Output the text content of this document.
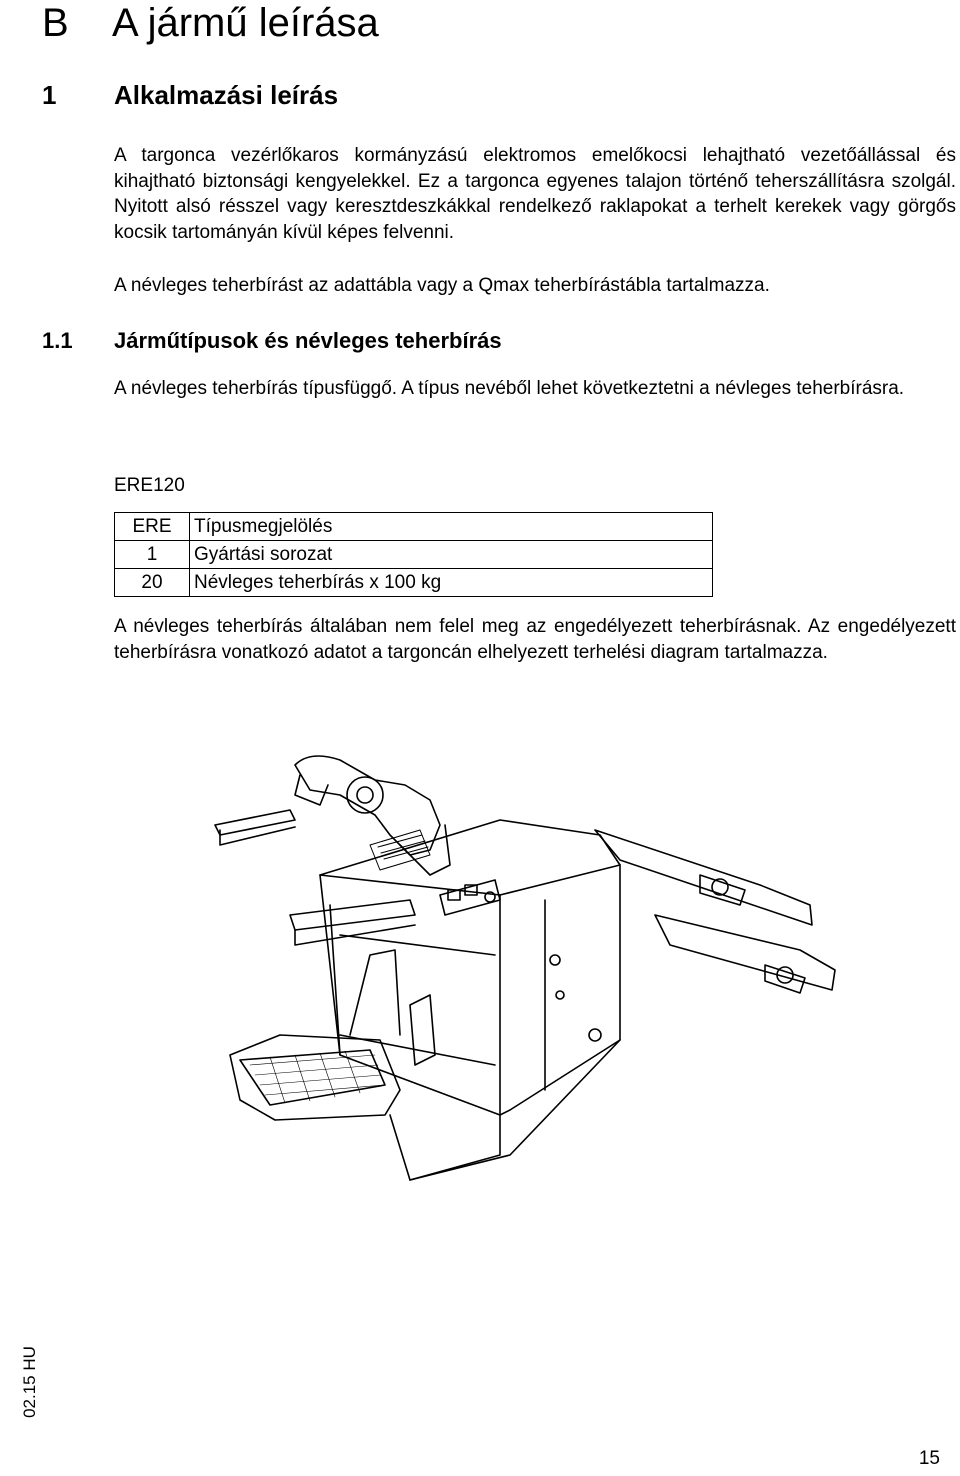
B A jármű leírása
1 Alkalmazási leírás

A targonca vezérlőkaros kormányzású elektromos emelőkocsi lehajtható vezetőállással és kihajtható biztonsági kengyelekkel. Ez a targonca egyenes talajon történő teherszállításra szolgál. Nyitott alsó résszel vagy keresztdeszkákkal rendelkező raklapokat a terhelt kerekek vagy görgős kocsik tartományán kívül képes felvenni.

A névleges teherbírást az adattábla vagy a Qmax teherbírástábla tartalmazza.

1.1 Járműtípusok és névleges teherbírás

A névleges teherbírás típusfüggő. A típus nevéből lehet következtetni a névleges teherbírásra.

ERE120
ERE	Típusmegjelölés
1	Gyártási sorozat
20	Névleges teherbírás x 100 kg

A névleges teherbírás általában nem felel meg az engedélyezett teherbírásnak. Az engedélyezett teherbírásra vonatkozó adatot a targoncán elhelyezett terhelési diagram tartalmazza.

02.15 HU
15
